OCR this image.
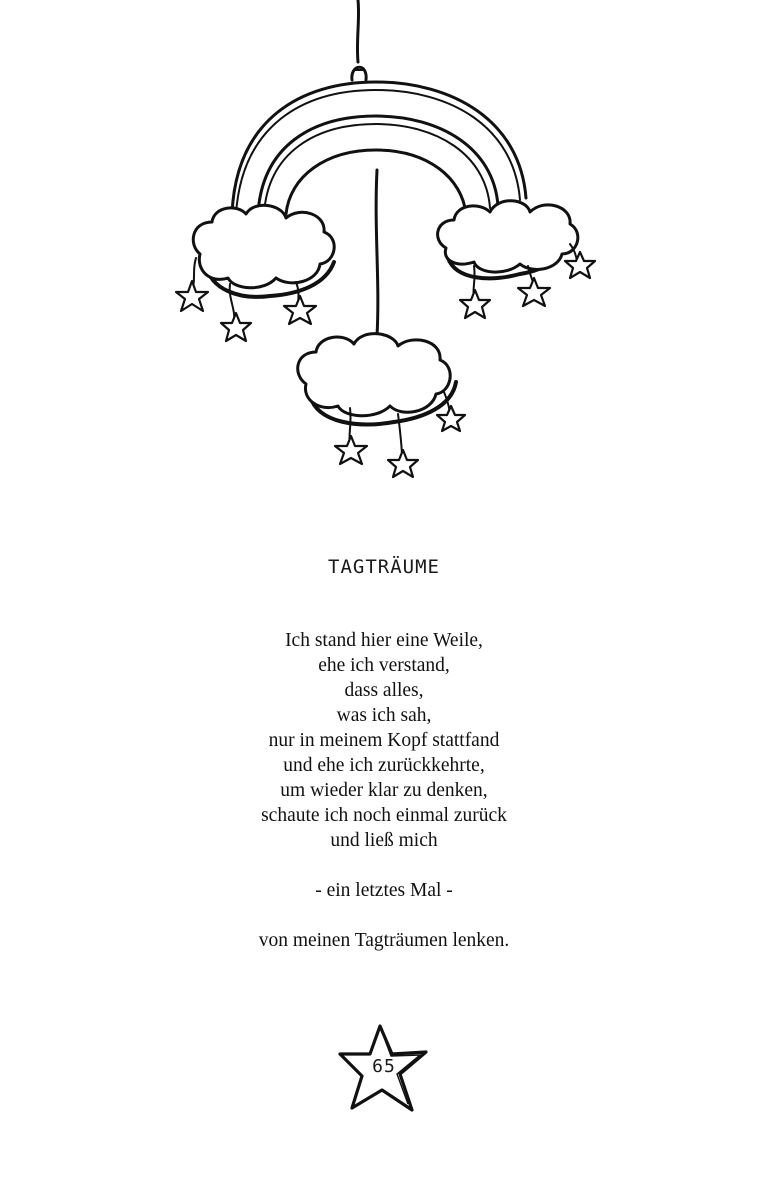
TAGTRÄUME
Ich stand hier eine Weile,
ehe ich verstand,
dass alles,
was ich sah,
nur in meinem Kopf stattfand
und ehe ich zurückkehrte,
um wieder klar zu denken,
schaute ich noch einmal zurück
und ließ mich
- ein letztes Mal -
von meinen Tagträumen lenken.
65
